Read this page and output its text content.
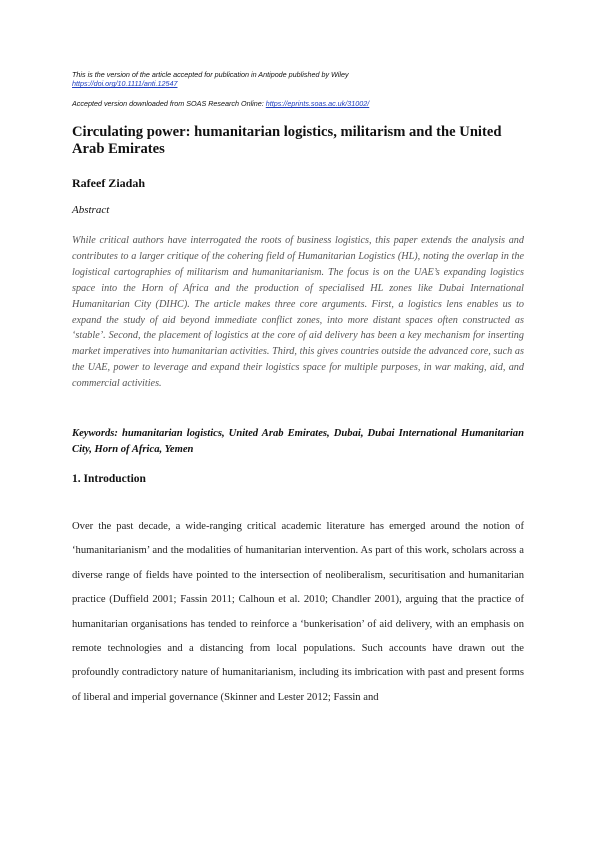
This is the version of the article accepted for publication in Antipode published by Wiley
https://doi.org/10.1111/anti.12547
Accepted version downloaded from SOAS Research Online: https://eprints.soas.ac.uk/31002/
Circulating power: humanitarian logistics, militarism and the United Arab Emirates
Rafeef Ziadah
Abstract
While critical authors have interrogated the roots of business logistics, this paper extends the analysis and contributes to a larger critique of the cohering field of Humanitarian Logistics (HL), noting the overlap in the logistical cartographies of militarism and humanitarianism. The focus is on the UAE’s expanding logistics space into the Horn of Africa and the production of specialised HL zones like Dubai International Humanitarian City (DIHC). The article makes three core arguments. First, a logistics lens enables us to expand the study of aid beyond immediate conflict zones, into more distant spaces often constructed as ‘stable’. Second, the placement of logistics at the core of aid delivery has been a key mechanism for inserting market imperatives into humanitarian activities. Third, this gives countries outside the advanced core, such as the UAE, power to leverage and expand their logistics space for multiple purposes, in war making, aid, and commercial activities.
Keywords: humanitarian logistics, United Arab Emirates, Dubai, Dubai International Humanitarian City, Horn of Africa, Yemen
1. Introduction
Over the past decade, a wide-ranging critical academic literature has emerged around the notion of ‘humanitarianism’ and the modalities of humanitarian intervention. As part of this work, scholars across a diverse range of fields have pointed to the intersection of neoliberalism, securitisation and humanitarian practice (Duffield 2001; Fassin 2011; Calhoun et al. 2010; Chandler 2001), arguing that the practice of humanitarian organisations has tended to reinforce a ‘bunkerisation’ of aid delivery, with an emphasis on remote technologies and a distancing from local populations. Such accounts have drawn out the profoundly contradictory nature of humanitarianism, including its imbrication with past and present forms of liberal and imperial governance (Skinner and Lester 2012; Fassin and
